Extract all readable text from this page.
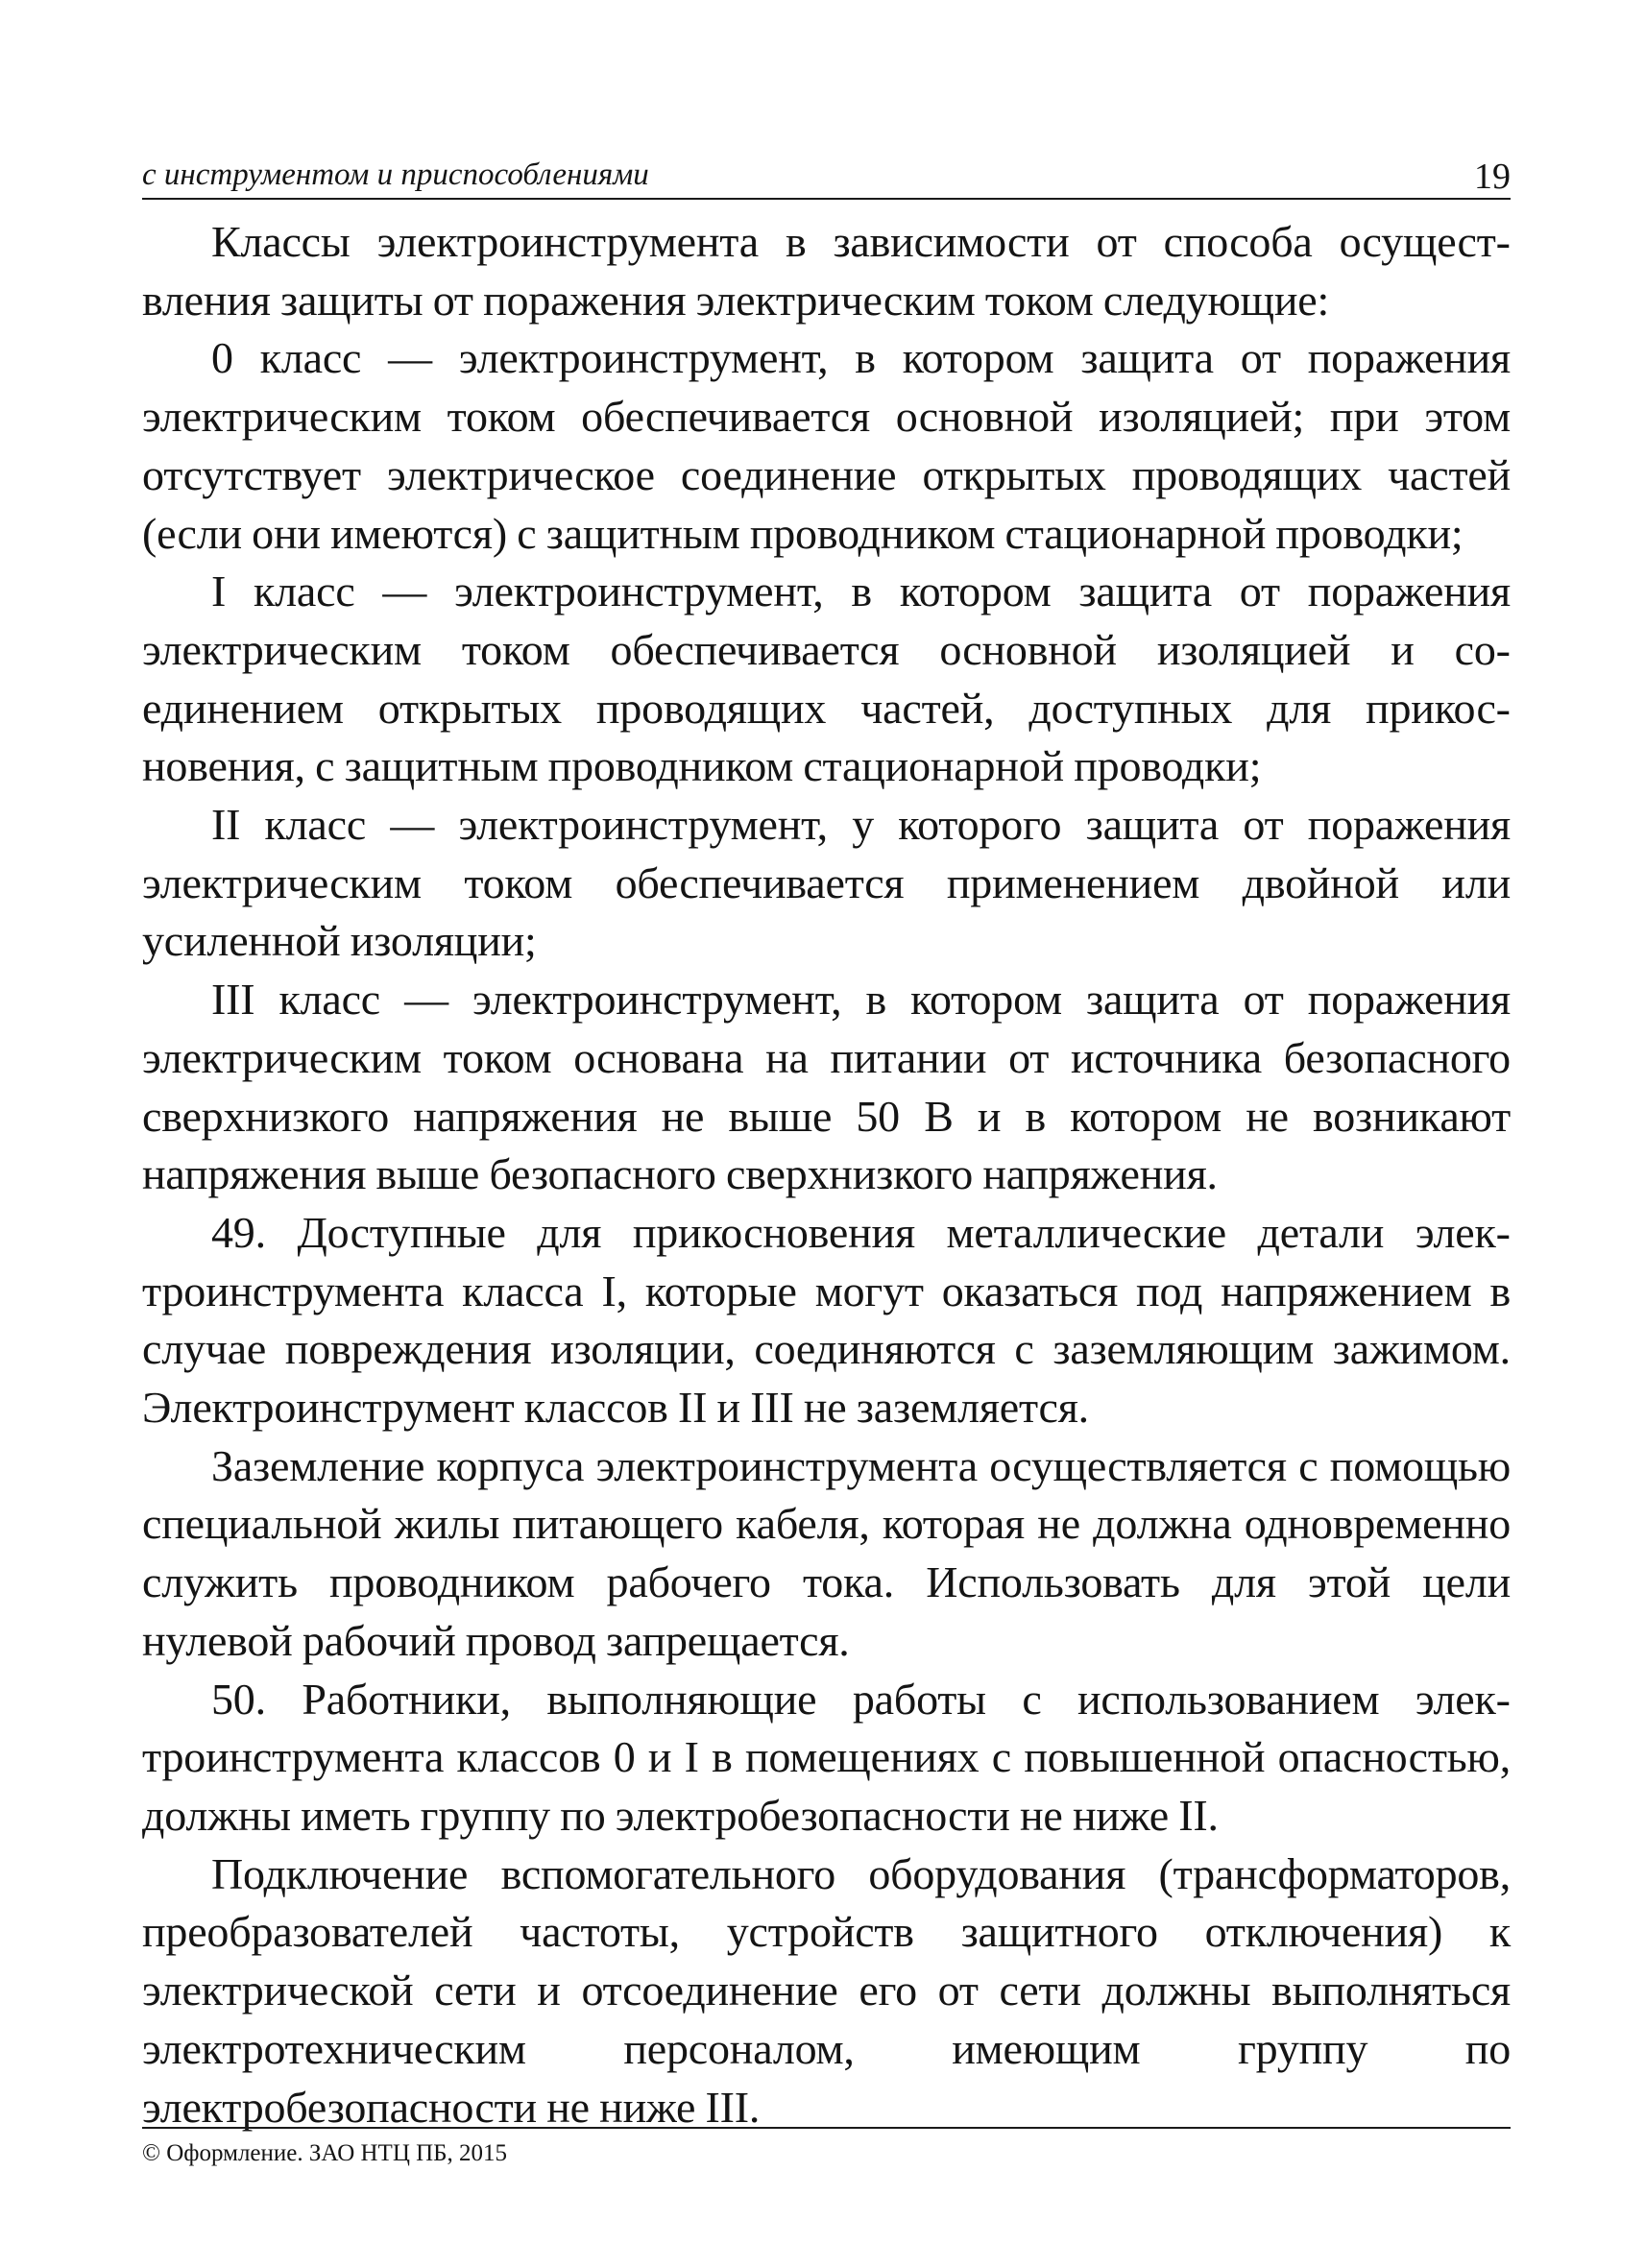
с инструментом и приспособлениями	19

Классы электроинструмента в зависимости от способа осуществления защиты от поражения электрическим током следующие:

0 класс — электроинструмент, в котором защита от поражения электрическим током обеспечивается основной изоляцией; при этом отсутствует электрическое соединение открытых проводящих частей (если они имеются) с защитным проводником стационарной проводки;

I класс — электроинструмент, в котором защита от поражения электрическим током обеспечивается основной изоляцией и соединением открытых проводящих частей, доступных для прикосновения, с защитным проводником стационарной проводки;

II класс — электроинструмент, у которого защита от поражения электрическим током обеспечивается применением двойной или усиленной изоляции;

III класс — электроинструмент, в котором защита от поражения электрическим током основана на питании от источника безопасного сверхнизкого напряжения не выше 50 В и в котором не возникают напряжения выше безопасного сверхнизкого напряжения.

49. Доступные для прикосновения металлические детали электроинструмента класса I, которые могут оказаться под напряжением в случае повреждения изоляции, соединяются с заземляющим зажимом. Электроинструмент классов II и III не заземляется.

Заземление корпуса электроинструмента осуществляется с помощью специальной жилы питающего кабеля, которая не должна одновременно служить проводником рабочего тока. Использовать для этой цели нулевой рабочий провод запрещается.

50. Работники, выполняющие работы с использованием электроинструмента классов 0 и I в помещениях с повышенной опасностью, должны иметь группу по электробезопасности не ниже II.

Подключение вспомогательного оборудования (трансформаторов, преобразователей частоты, устройств защитного отключения) к электрической сети и отсоединение его от сети должны выполняться электротехническим персоналом, имеющим группу по электробезопасности не ниже III.

© Оформление. ЗАО НТЦ ПБ, 2015
